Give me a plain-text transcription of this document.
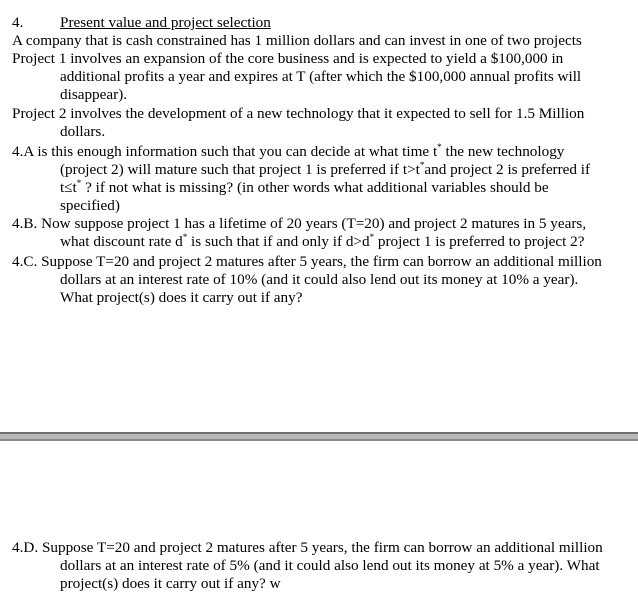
4. Present value and project selection

A company that is cash constrained has 1 million dollars and can invest in one of two projects

Project 1 involves an expansion of the core business and is expected to yield a $100,000 in
additional profits a year and expires at T (after which the $100,000 annual profits will
disappear).

Project 2 involves the development of a new technology that it expected to sell for 1.5 Million
dollars.

4.A is this enough information such that you can decide at what time t* the new technology
(project 2) will mature such that project 1 is preferred if t>t*and project 2 is preferred if
t≤t* ? if not what is missing? (in other words what additional variables should be
specified)

4.B. Now suppose project 1 has a lifetime of 20 years (T=20) and project 2 matures in 5 years,
what discount rate d* is such that if and only if d>d* project 1 is preferred to project 2?

4.C. Suppose T=20 and project 2 matures after 5 years, the firm can borrow an additional million
dollars at an interest rate of 10% (and it could also lend out its money at 10% a year).
What project(s) does it carry out if any?

4.D. Suppose T=20 and project 2 matures after 5 years, the firm can borrow an additional million
dollars at an interest rate of 5% (and it could also lend out its money at 5% a year). What
project(s) does it carry out if any? w
